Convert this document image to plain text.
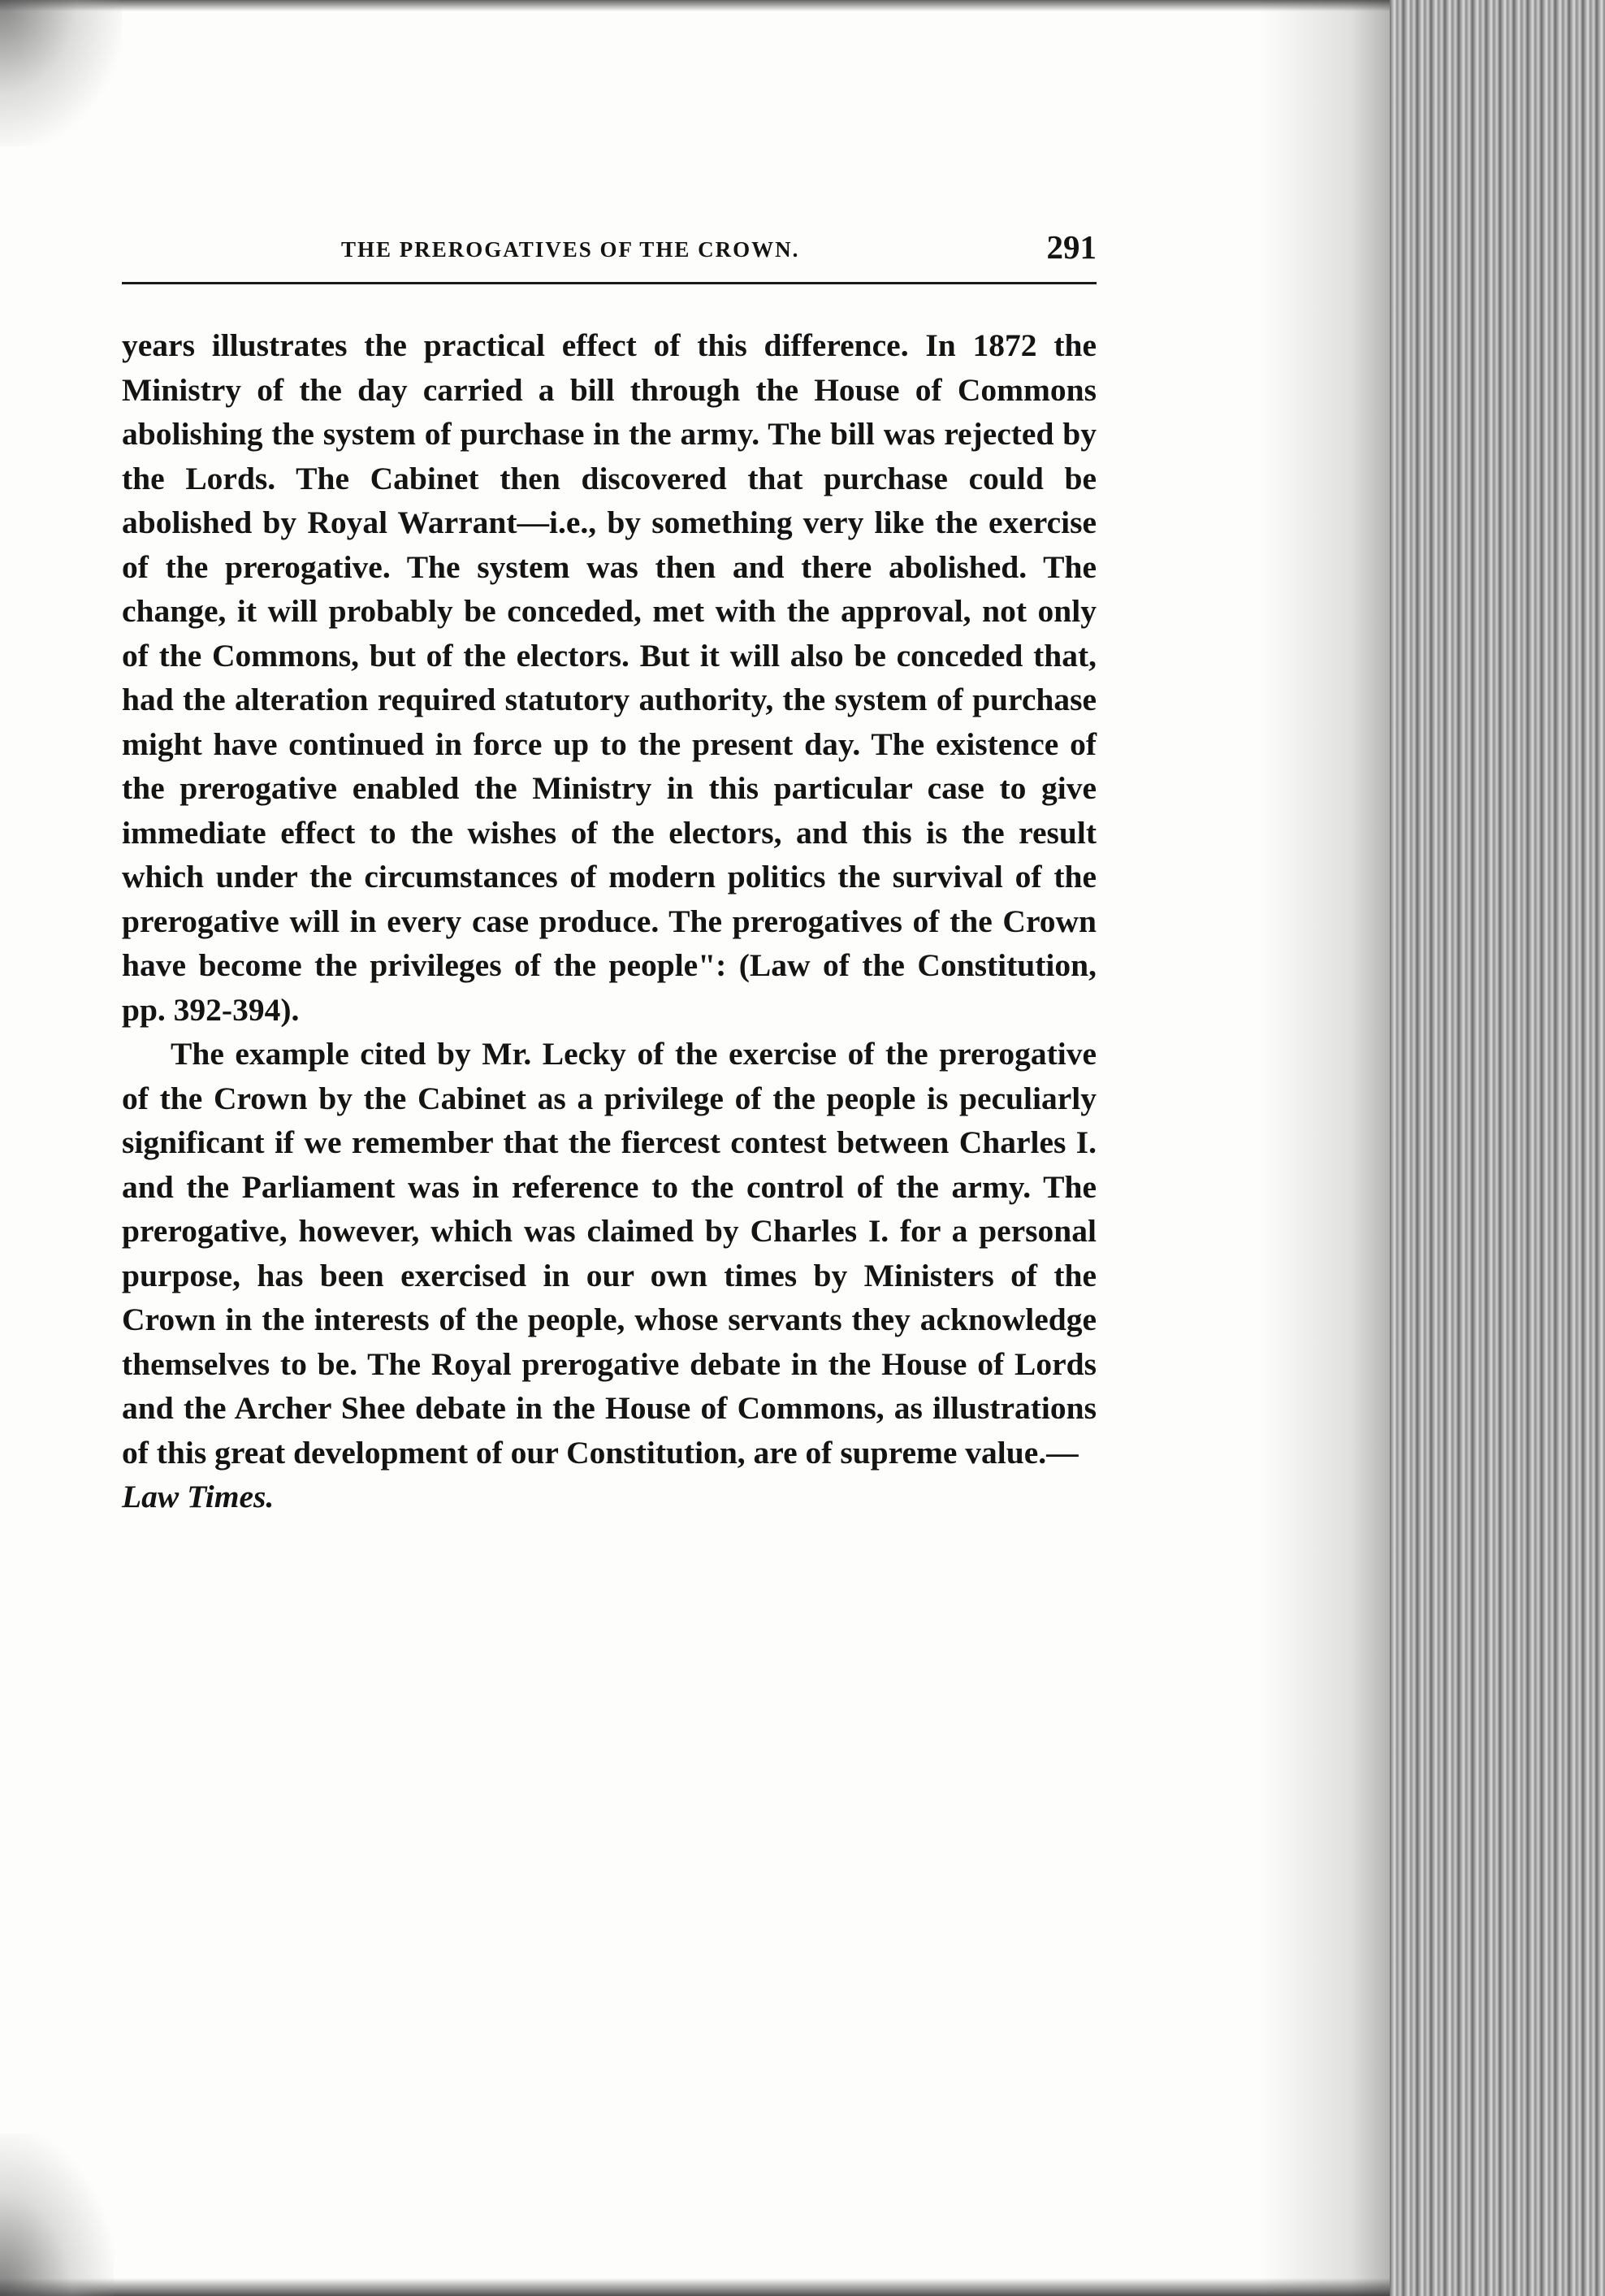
THE PREROGATIVES OF THE CROWN.	291

years illustrates the practical effect of this difference. In 1872 the Ministry of the day carried a bill through the House of Commons abolishing the system of purchase in the army. The bill was rejected by the Lords. The Cabinet then discovered that purchase could be abolished by Royal Warrant—i.e., by something very like the exercise of the prerogative. The system was then and there abolished. The change, it will probably be conceded, met with the approval, not only of the Commons, but of the electors. But it will also be conceded that, had the alteration required statutory authority, the system of purchase might have continued in force up to the present day. The existence of the prerogative enabled the Ministry in this particular case to give immediate effect to the wishes of the electors, and this is the result which under the circumstances of modern politics the survival of the prerogative will in every case produce. The prerogatives of the Crown have become the privileges of the people": (Law of the Constitution, pp. 392-394).

The example cited by Mr. Lecky of the exercise of the prerogative of the Crown by the Cabinet as a privilege of the people is peculiarly significant if we remember that the fiercest contest between Charles I. and the Parliament was in reference to the control of the army. The prerogative, however, which was claimed by Charles I. for a personal purpose, has been exercised in our own times by Ministers of the Crown in the interests of the people, whose servants they acknowledge themselves to be. The Royal prerogative debate in the House of Lords and the Archer Shee debate in the House of Commons, as illustrations of this great development of our Constitution, are of supreme value.—
Law Times.
